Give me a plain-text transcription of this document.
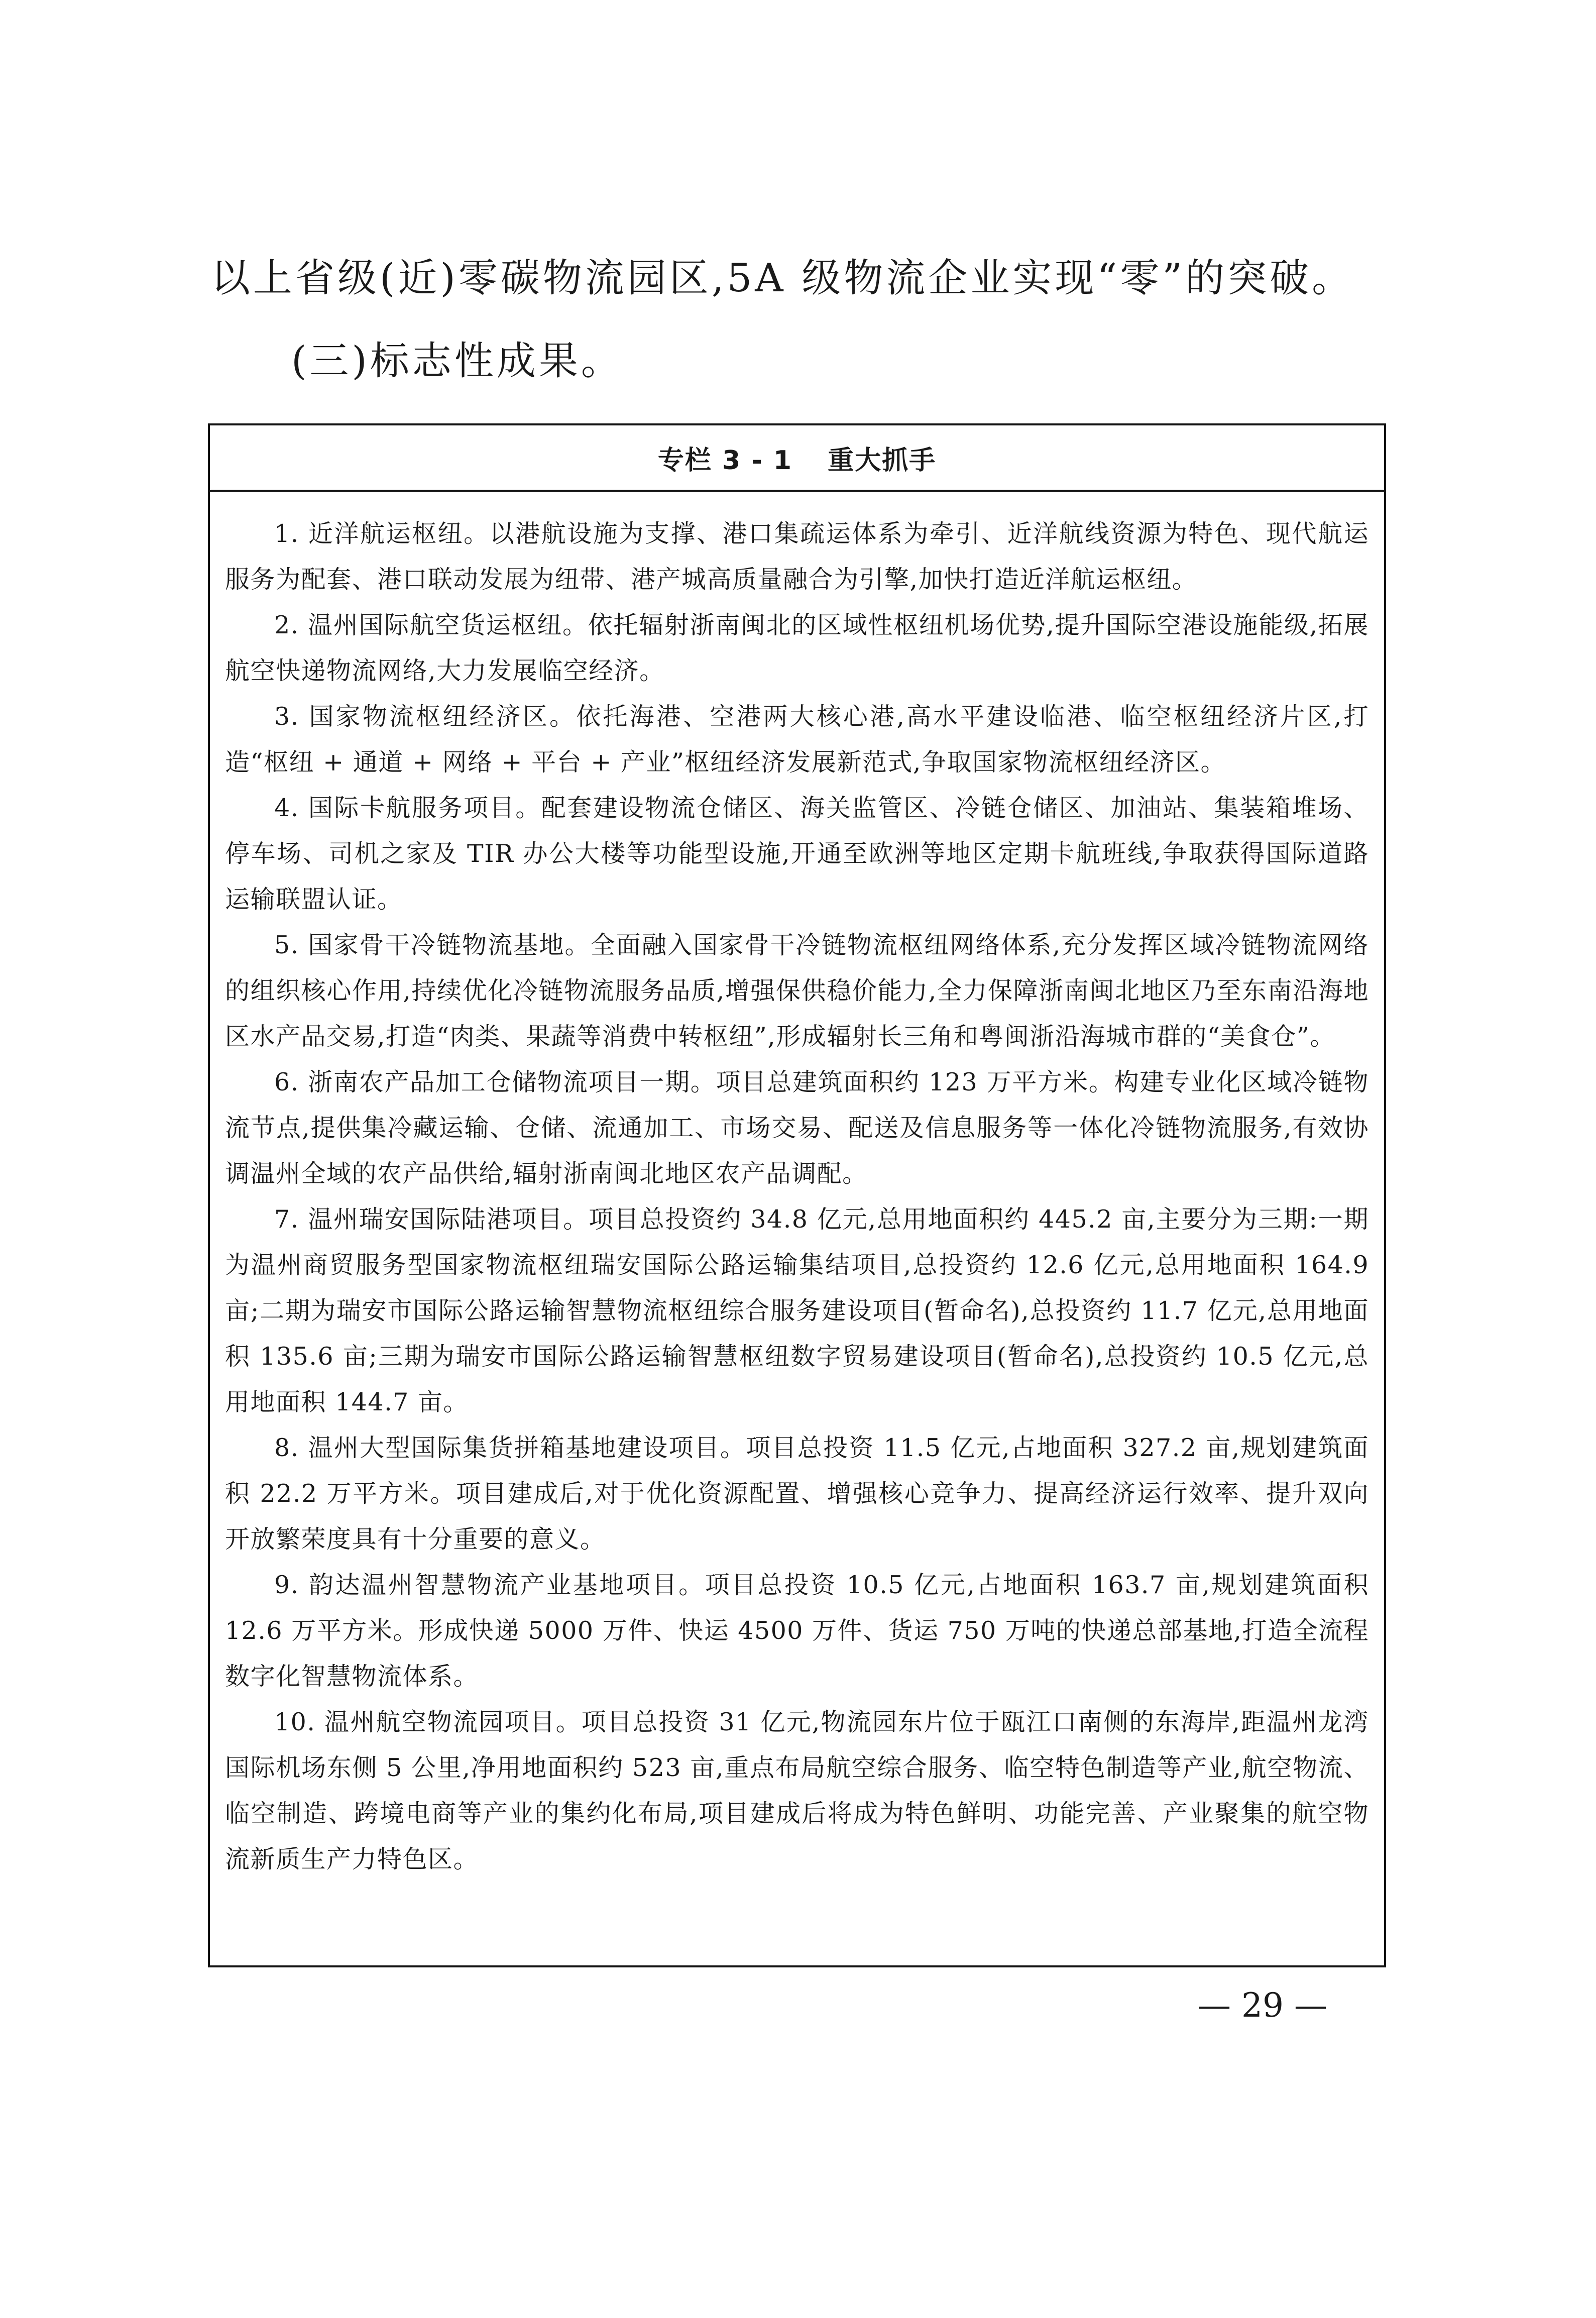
以上省级(近)零碳物流园区,5A 级物流企业实现“零”的突破。
(三)标志性成果。
专栏 3 - 1 重大抓手

1. 近洋航运枢纽。以港航设施为支撑、港口集疏运体系为牵引、近洋航线资源为特色、现代航运服务为配套、港口联动发展为纽带、港产城高质量融合为引擎,加快打造近洋航运枢纽。

2. 温州国际航空货运枢纽。依托辐射浙南闽北的区域性枢纽机场优势,提升国际空港设施能级,拓展航空快递物流网络,大力发展临空经济。

3. 国家物流枢纽经济区。依托海港、空港两大核心港,高水平建设临港、临空枢纽经济片区,打造“枢纽 + 通道 + 网络 + 平台 + 产业”枢纽经济发展新范式,争取国家物流枢纽经济区。

4. 国际卡航服务项目。配套建设物流仓储区、海关监管区、冷链仓储区、加油站、集装箱堆场、停车场、司机之家及 TIR 办公大楼等功能型设施,开通至欧洲等地区定期卡航班线,争取获得国际道路运输联盟认证。

5. 国家骨干冷链物流基地。全面融入国家骨干冷链物流枢纽网络体系,充分发挥区域冷链物流网络的组织核心作用,持续优化冷链物流服务品质,增强保供稳价能力,全力保障浙南闽北地区乃至东南沿海地区水产品交易,打造“肉类、果蔬等消费中转枢纽”,形成辐射长三角和粤闽浙沿海城市群的“美食仓”。

6. 浙南农产品加工仓储物流项目一期。项目总建筑面积约 123 万平方米。构建专业化区域冷链物流节点,提供集冷藏运输、仓储、流通加工、市场交易、配送及信息服务等一体化冷链物流服务,有效协调温州全域的农产品供给,辐射浙南闽北地区农产品调配。

7. 温州瑞安国际陆港项目。项目总投资约 34.8 亿元,总用地面积约 445.2 亩,主要分为三期:一期为温州商贸服务型国家物流枢纽瑞安国际公路运输集结项目,总投资约 12.6 亿元,总用地面积 164.9 亩;二期为瑞安市国际公路运输智慧物流枢纽综合服务建设项目(暂命名),总投资约 11.7 亿元,总用地面积 135.6 亩;三期为瑞安市国际公路运输智慧枢纽数字贸易建设项目(暂命名),总投资约 10.5 亿元,总用地面积 144.7 亩。

8. 温州大型国际集货拼箱基地建设项目。项目总投资 11.5 亿元,占地面积 327.2 亩,规划建筑面积 22.2 万平方米。项目建成后,对于优化资源配置、增强核心竞争力、提高经济运行效率、提升双向开放繁荣度具有十分重要的意义。

9. 韵达温州智慧物流产业基地项目。项目总投资 10.5 亿元,占地面积 163.7 亩,规划建筑面积 12.6 万平方米。形成快递 5000 万件、快运 4500 万件、货运 750 万吨的快递总部基地,打造全流程数字化智慧物流体系。

10. 温州航空物流园项目。项目总投资 31 亿元,物流园东片位于瓯江口南侧的东海岸,距温州龙湾国际机场东侧 5 公里,净用地面积约 523 亩,重点布局航空综合服务、临空特色制造等产业,航空物流、临空制造、跨境电商等产业的集约化布局,项目建成后将成为特色鲜明、功能完善、产业聚集的航空物流新质生产力特色区。

— 29 —
